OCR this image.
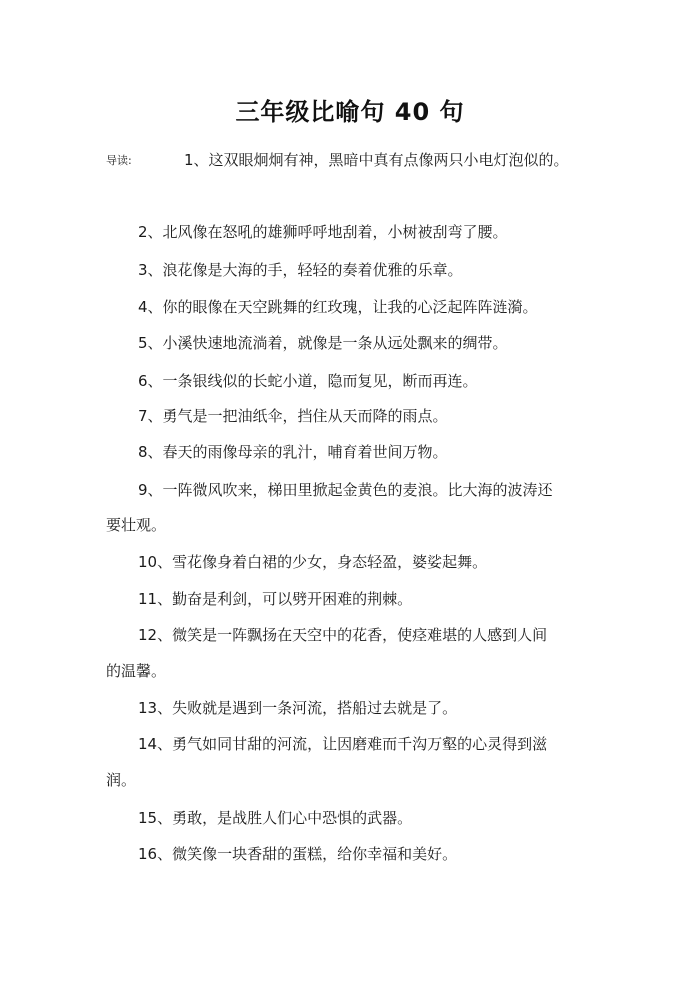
三年级比喻句 40 句
导读:	1、这双眼炯炯有神，黑暗中真有点像两只小电灯泡似的。
2、北风像在怒吼的雄狮呼呼地刮着，小树被刮弯了腰。
3、浪花像是大海的手，轻轻的奏着优雅的乐章。
4、你的眼像在天空跳舞的红玫瑰，让我的心泛起阵阵涟漪。
5、小溪快速地流淌着，就像是一条从远处飘来的绸带。
6、一条银线似的长蛇小道，隐而复见，断而再连。
7、勇气是一把油纸伞，挡住从天而降的雨点。
8、春天的雨像母亲的乳汁，哺育着世间万物。
9、一阵微风吹来，梯田里掀起金黄色的麦浪。比大海的波涛还
要壮观。
10、雪花像身着白裙的少女，身态轻盈，婆娑起舞。
11、勤奋是利剑，可以劈开困难的荆棘。
12、微笑是一阵飘扬在天空中的花香，使痉难堪的人感到人间
的温馨。
13、失败就是遇到一条河流，搭船过去就是了。
14、勇气如同甘甜的河流，让因磨难而千沟万壑的心灵得到滋
润。
15、勇敢，是战胜人们心中恐惧的武器。
16、微笑像一块香甜的蛋糕，给你幸福和美好。
